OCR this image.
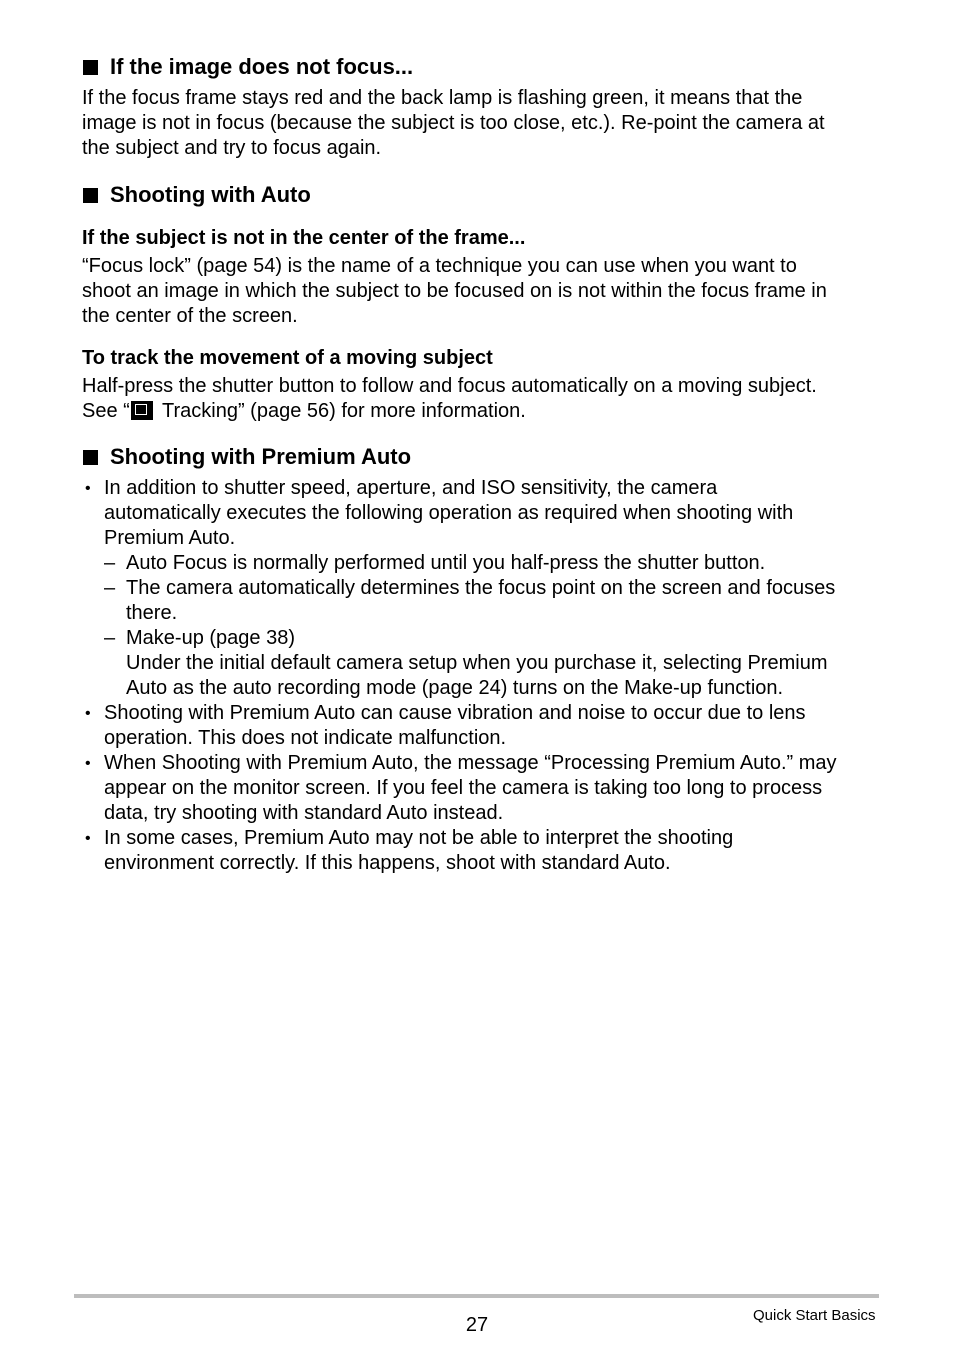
If the image does not focus...
If the focus frame stays red and the back lamp is flashing green, it means that the
image is not in focus (because the subject is too close, etc.). Re-point the camera at
the subject and try to focus again.
Shooting with Auto
If the subject is not in the center of the frame...
“Focus lock” (page 54) is the name of a technique you can use when you want to
shoot an image in which the subject to be focused on is not within the focus frame in
the center of the screen.
To track the movement of a moving subject
Half-press the shutter button to follow and focus automatically on a moving subject.
See “
Tracking” (page 56) for more information.
Shooting with Premium Auto
• In addition to shutter speed, aperture, and ISO sensitivity, the camera
automatically executes the following operation as required when shooting with
Premium Auto.
– Auto Focus is normally performed until you half-press the shutter button.
– The camera automatically determines the focus point on the screen and focuses
there.
– Make-up (page 38)
Under the initial default camera setup when you purchase it, selecting Premium
Auto as the auto recording mode (page 24) turns on the Make-up function.
• Shooting with Premium Auto can cause vibration and noise to occur due to lens
operation. This does not indicate malfunction.
• When Shooting with Premium Auto, the message “Processing Premium Auto.” may
appear on the monitor screen. If you feel the camera is taking too long to process
data, try shooting with standard Auto instead.
• In some cases, Premium Auto may not be able to interpret the shooting
environment correctly. If this happens, shoot with standard Auto.
27	Quick Start Basics
